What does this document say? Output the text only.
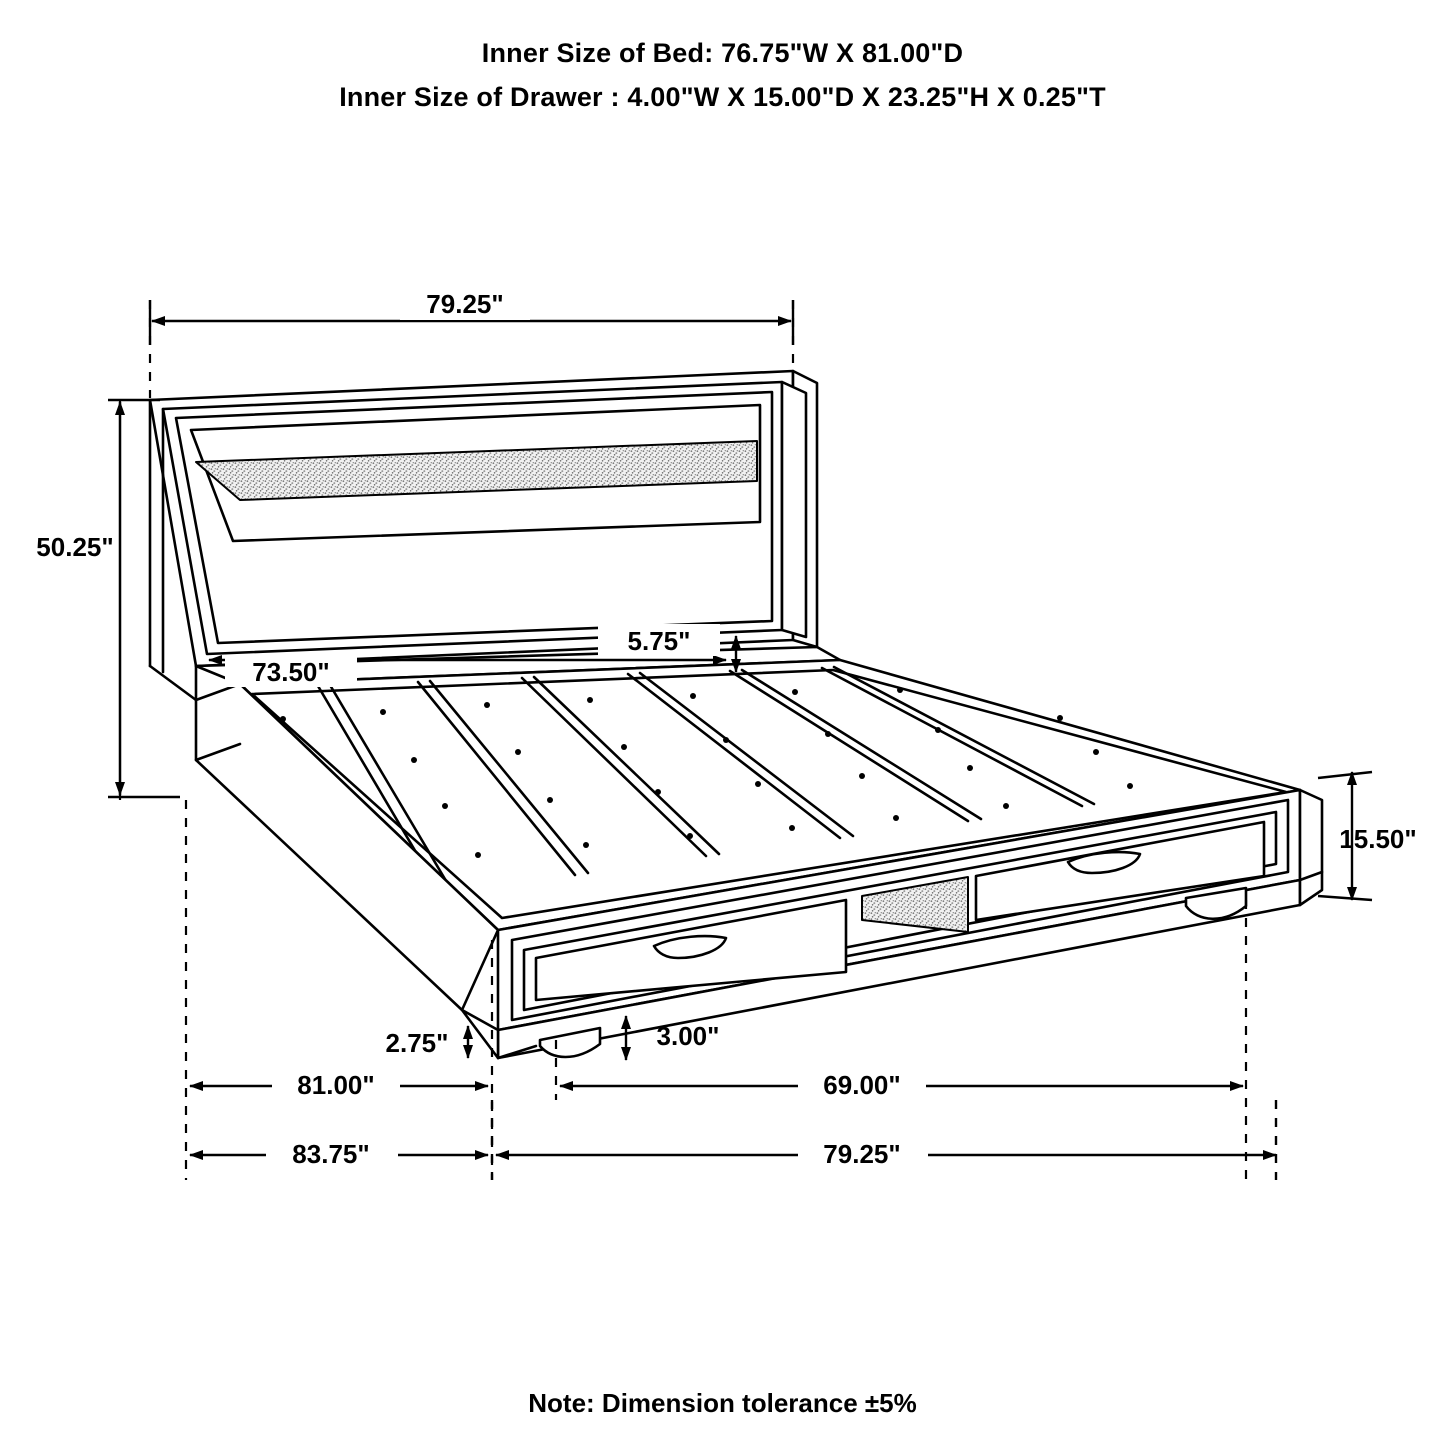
Inner Size of Bed: 76.75"W X 81.00"D
Inner Size of Drawer : 4.00"W X 15.00"D X 23.25"H X 0.25"T
79.25"
50.25"
73.50"
5.75"
15.50"
2.75"	3.00"
81.00"	69.00"
83.75"	79.25"
Note: Dimension tolerance ±5%
